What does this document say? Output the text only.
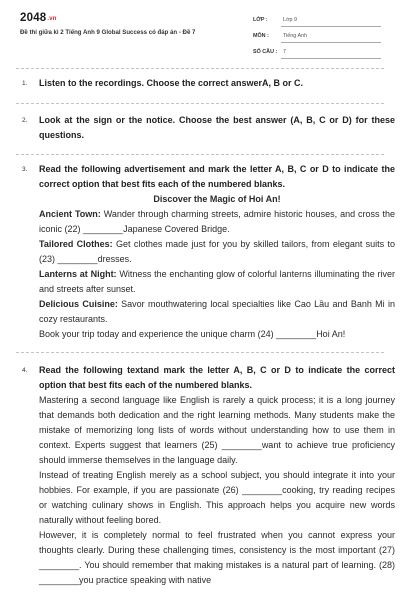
2048.vn
Đề thi giữa kì 2 Tiếng Anh 9 Global Success có đáp án - Đề 7
LỚP :	Lớp 9
MÔN :	Tiếng Anh
SỐ CÂU : 7
1. Listen to the recordings. Choose the correct answerA, B or C.

2. Look at the sign or the notice. Choose the best answer (A, B, C or D) for these questions.

3. Read the following advertisement and mark the letter A, B, C or D to indicate the correct option that best fits each of the numbered blanks.

Discover the Magic of Hoi An!

Ancient Town: Wander through charming streets, admire historic houses, and cross the iconic (22) ________Japanese Covered Bridge.

Tailored Clothes: Get clothes made just for you by skilled tailors, from elegant suits to (23) ________dresses.

Lanterns at Night: Witness the enchanting glow of colorful lanterns illuminating the river and streets after sunset.

Delicious Cuisine: Savor mouthwatering local specialties like Cao Lầu and Banh Mi in cozy restaurants.

Book your trip today and experience the unique charm (24) ________Hoi An!

4. Read the following textand mark the letter A, B, C or D to indicate the correct option that best fits each of the numbered blanks.

Mastering a second language like English is rarely a quick process; it is a long journey that demands both dedication and the right learning methods. Many students make the mistake of memorizing long lists of words without understanding how to use them in context. Experts suggest that learners (25) ________want to achieve true proficiency should immerse themselves in the language daily.

Instead of treating English merely as a school subject, you should integrate it into your hobbies. For example, if you are passionate (26) ________cooking, try reading recipes or watching culinary shows in English. This approach helps you acquire new words naturally without feeling bored.

However, it is completely normal to feel frustrated when you cannot express your thoughts clearly. During these challenging times, consistency is the most important (27) ________. You should remember that making mistakes is a natural part of learning. (28) ________you practice speaking with native
